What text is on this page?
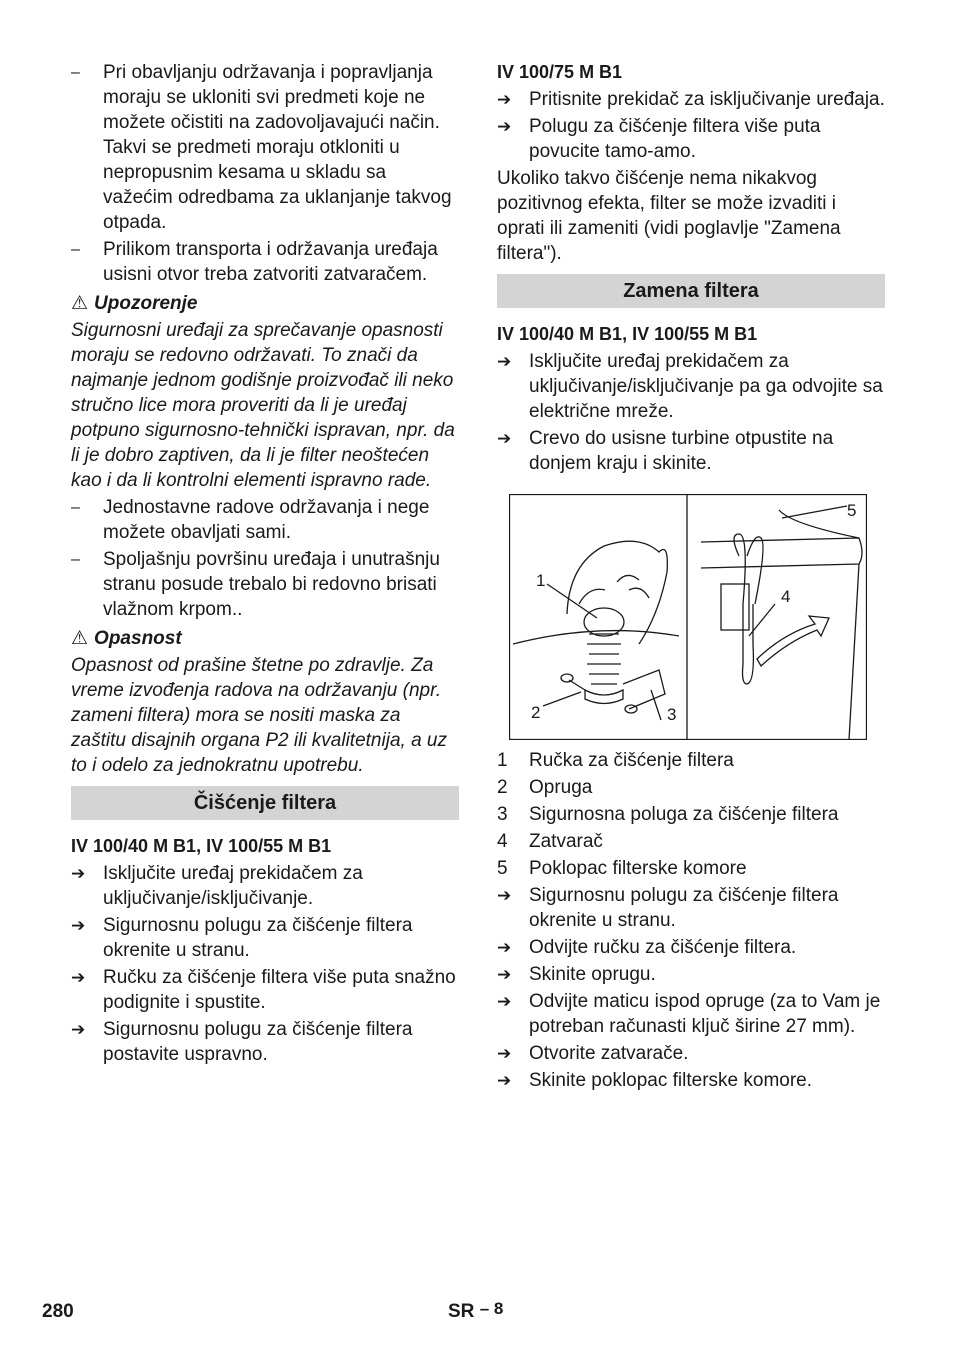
–	Pri obavljanju održavanja i popravljanja moraju se ukloniti svi predmeti koje ne možete očistiti na zadovoljavajući način. Takvi se predmeti moraju otkloniti u nepropusnim kesama u skladu sa važećim odredbama za uklanjanje takvog otpada.
–	Prilikom transporta i održavanja uređaja usisni otvor treba zatvoriti zatvaračem.
⚠ Upozorenje

Sigurnosni uređaji za sprečavanje opasnosti moraju se redovno održavati. To znači da najmanje jednom godišnje proizvođač ili neko stručno lice mora proveriti da li je uređaj potpuno sigurnosno-tehnički ispravan, npr. da li je dobro zaptiven, da li je filter neoštećen kao i da li kontrolni elementi ispravno rade.

–	Jednostavne radove održavanja i nege možete obavljati sami.
–	Spoljašnju površinu uređaja i unutrašnju stranu posude trebalo bi redovno brisati vlažnom krpom..
⚠ Opasnost

Opasnost od prašine štetne po zdravlje. Za vreme izvođenja radova na održavanju (npr. zameni filtera) mora se nositi maska za zaštitu disajnih organa P2 ili kvalitetnija, a uz to i odelo za jednokratnu upotrebu.

Čišćenje filtera
IV 100/40 M B1, IV 100/55 M B1
➔ Isključite uređaj prekidačem za uključivanje/isključivanje.
➔ Sigurnosnu polugu za čišćenje filtera okrenite u stranu.
➔ Ručku za čišćenje filtera više puta snažno podignite i spustite.
➔ Sigurnosnu polugu za čišćenje filtera postavite uspravno.
IV 100/75 M B1
➔ Pritisnite prekidač za isključivanje uređaja.
➔ Polugu za čišćenje filtera više puta povucite tamo-amo.

Ukoliko takvo čišćenje nema nikakvog pozitivnog efekta, filter se može izvaditi i oprati ili zameniti (vidi poglavlje "Zamena filtera").

Zamena filtera
IV 100/40 M B1, IV 100/55 M B1
➔ Isključite uređaj prekidačem za uključivanje/isključivanje pa ga odvojite sa električne mreže.
➔ Crevo do usisne turbine otpustite na donjem kraju i skinite.
1
2	3
4
5
1 Ručka za čišćenje filtera
2 Opruga
3 Sigurnosna poluga za čišćenje filtera
4 Zatvarač
5 Poklopac filterske komore
➔ Sigurnosnu polugu za čišćenje filtera okrenite u stranu.
➔ Odvijte ručku za čišćenje filtera.
➔ Skinite oprugu.
➔ Odvijte maticu ispod opruge (za to Vam je potreban računasti ključ širine 27 mm).
➔ Otvorite zatvarače.
➔ Skinite poklopac filterske komore.
280	SR – 8
